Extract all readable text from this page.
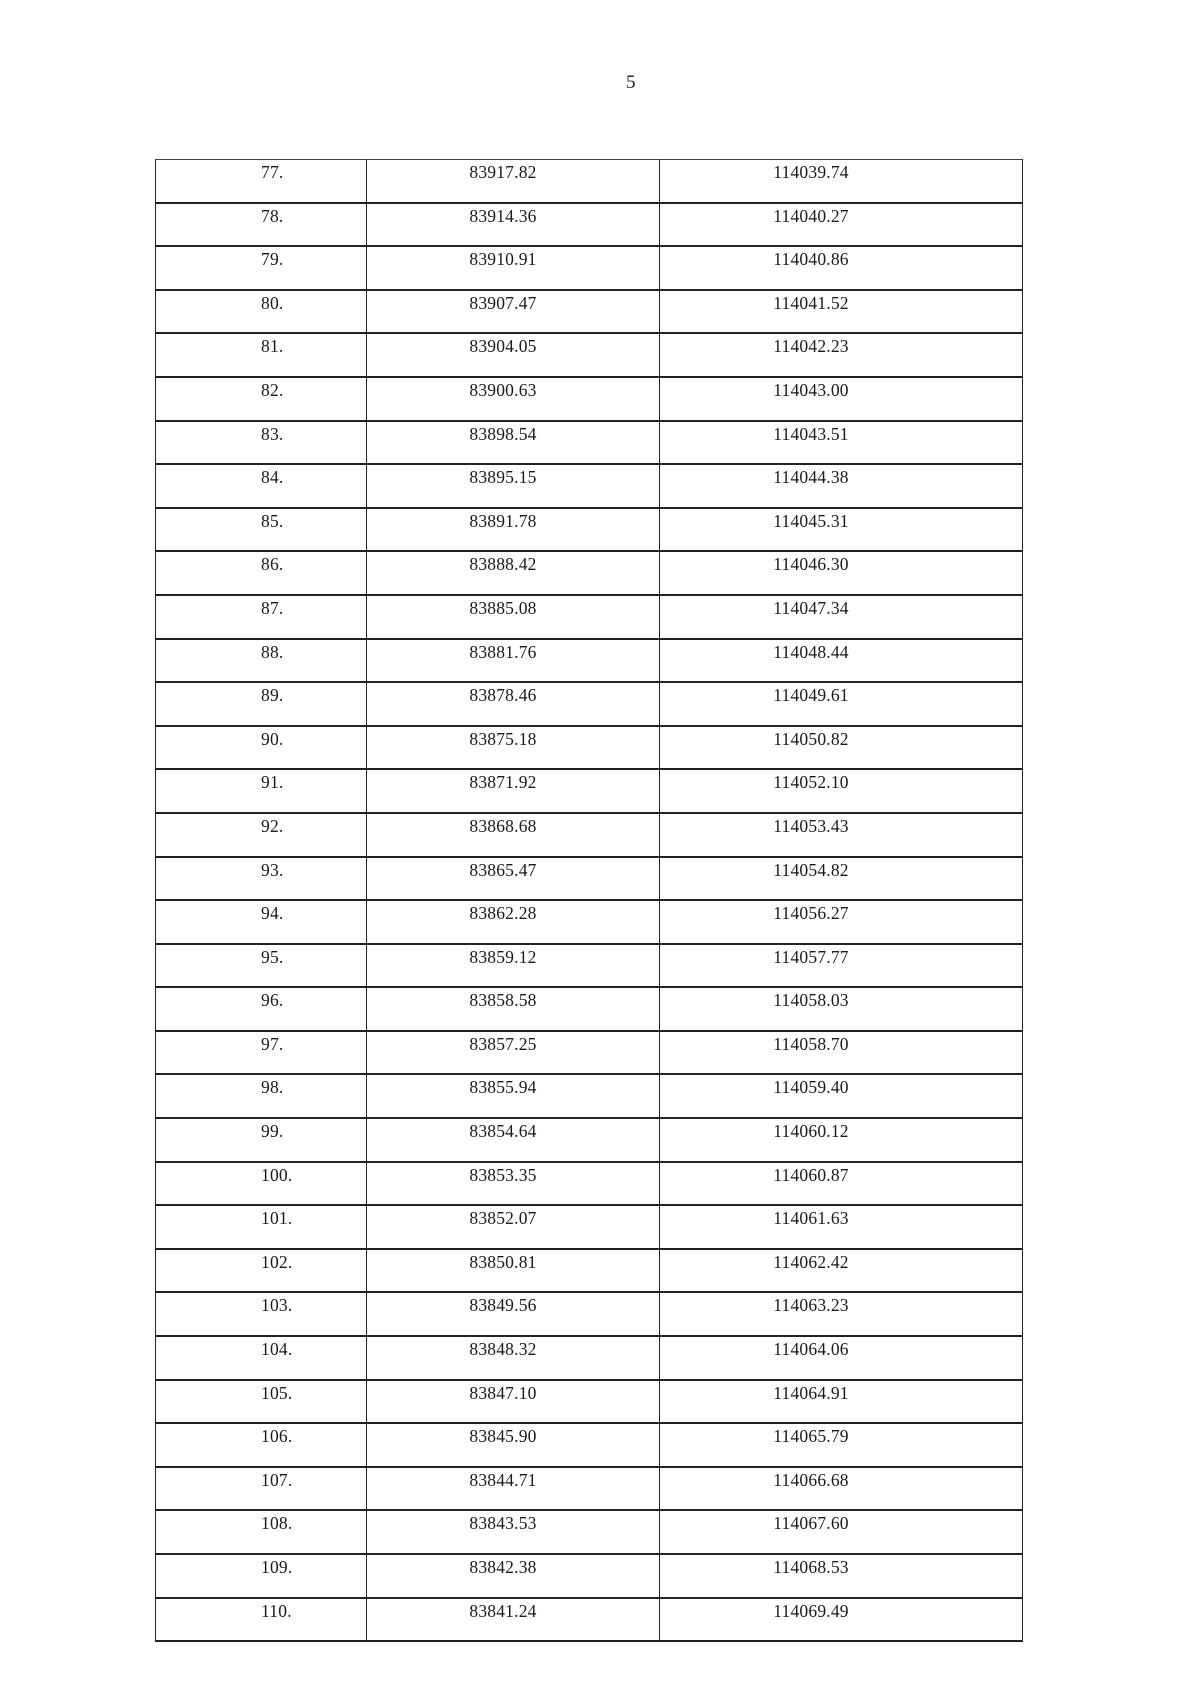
5
77.	83917.82	114039.74
78.	83914.36	114040.27
79.	83910.91	114040.86
80.	83907.47	114041.52
81.	83904.05	114042.23
82.	83900.63	114043.00
83.	83898.54	114043.51
84.	83895.15	114044.38
85.	83891.78	114045.31
86.	83888.42	114046.30
87.	83885.08	114047.34
88.	83881.76	114048.44
89.	83878.46	114049.61
90.	83875.18	114050.82
91.	83871.92	114052.10
92.	83868.68	114053.43
93.	83865.47	114054.82
94.	83862.28	114056.27
95.	83859.12	114057.77
96.	83858.58	114058.03
97.	83857.25	114058.70
98.	83855.94	114059.40
99.	83854.64	114060.12
100.	83853.35	114060.87
101.	83852.07	114061.63
102.	83850.81	114062.42
103.	83849.56	114063.23
104.	83848.32	114064.06
105.	83847.10	114064.91
106.	83845.90	114065.79
107.	83844.71	114066.68
108.	83843.53	114067.60
109.	83842.38	114068.53
110.	83841.24	114069.49
